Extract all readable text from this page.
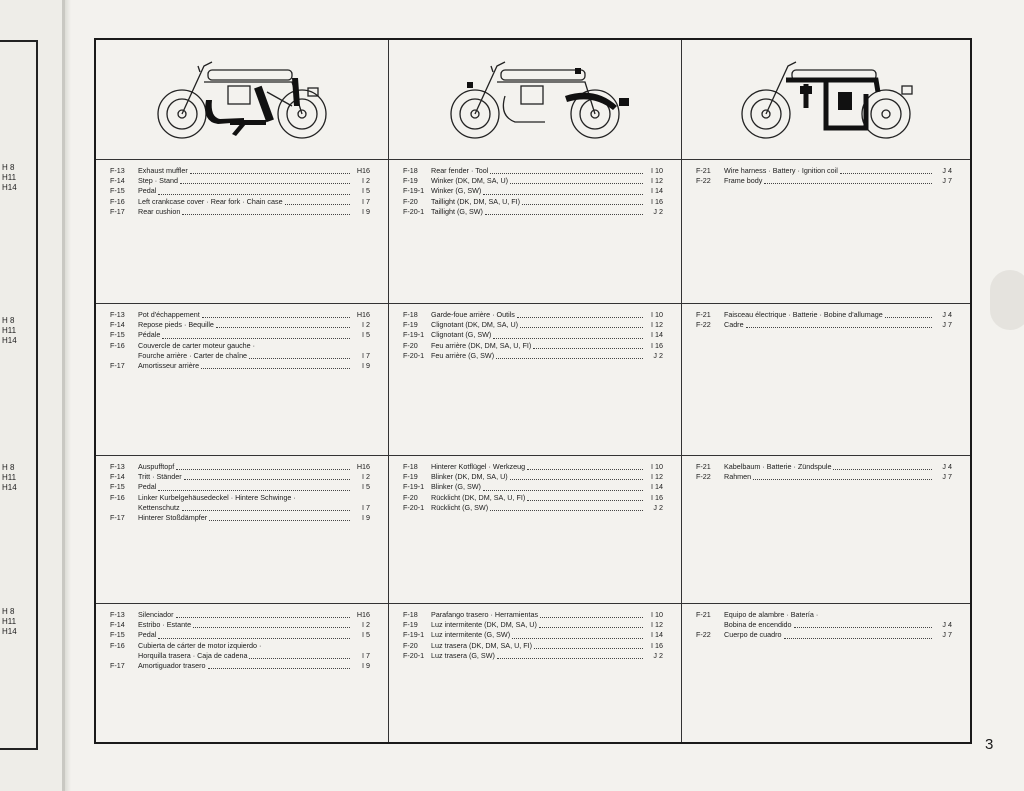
H 8
H11
H14
H 8
H11
H14
H 8
H11
H14
H 8
H11
H14
F-13	Exhaust muffler	H16
F-14	Step · Stand	I 2
F-15	Pedal	I 5
F-16	Left crankcase cover · Rear fork · Chain case	I 7
F-17	Rear cushion	I 9
F-18	Rear fender · Tool	I 10
F-19	Winker (DK, DM, SA, U)	I 12
F-19-1 Winker (G, SW)	I 14
F-20	Taillight (DK, DM, SA, U, FI)	I 16
F-20-1 Taillight (G, SW)	J 2
F-21	Wire harness · Battery · Ignition coil	J 4
F-22	Frame body	J 7
F-13	Pot d'échappement	H16
F-14	Repose pieds · Bequille	I 2
F-15	Pédale	I 5
F-16	Couvercle de carter moteur gauche ·
Fourche arrière · Carter de chaîne	I 7
F-17	Amortisseur arrière	I 9
F-18	Garde-foue arrière · Outils	I 10
F-19	Clignotant (DK, DM, SA, U)	I 12
F-19-1 Clignotant (G, SW)	I 14
F-20	Feu arrière (DK, DM, SA, U, FI)	I 16
F-20-1 Feu arrière (G, SW)	J 2
F-21	Faisceau électrique · Batterie · Bobine d'allumage	J 4
F-22	Cadre	J 7
F-13	Auspufftopf	H16
F-14	Tritt · Ständer	I 2
F-15	Pedal	I 5
F-16	Linker Kurbelgehäusedeckel · Hintere Schwinge ·
Kettenschutz	I 7
F-17	Hinterer Stoßdämpfer	I 9
F-18	Hinterer Kotflügel · Werkzeug	I 10
F-19	Blinker (DK, DM, SA, U)	I 12
F-19-1 Blinker (G, SW)	I 14
F-20	Rücklicht (DK, DM, SA, U, FI)	I 16
F-20-1 Rücklicht (G, SW)	J 2
F-21	Kabelbaum · Batterie · Zündspule	J 4
F-22	Rahmen	J 7
F-13	Silenciador	H16
F-14	Estribo · Estante	I 2
F-15	Pedal	I 5
F-16	Cubierta de cárter de motor izquierdo ·
Horquilla trasera · Caja de cadena	I 7
F-17	Amortiguador trasero	I 9
F-18	Parafango trasero · Herramientas	I 10
F-19	Luz intermitente (DK, DM, SA, U)	I 12
F-19-1 Luz intermitente (G, SW)	I 14
F-20	Luz trasera (DK, DM, SA, U, FI)	I 16
F-20-1 Luz trasera (G, SW)	J 2
F-21	Equipo de alambre · Batería ·
Bobina de encendido	J 4
F-22	Cuerpo de cuadro	J 7
3
